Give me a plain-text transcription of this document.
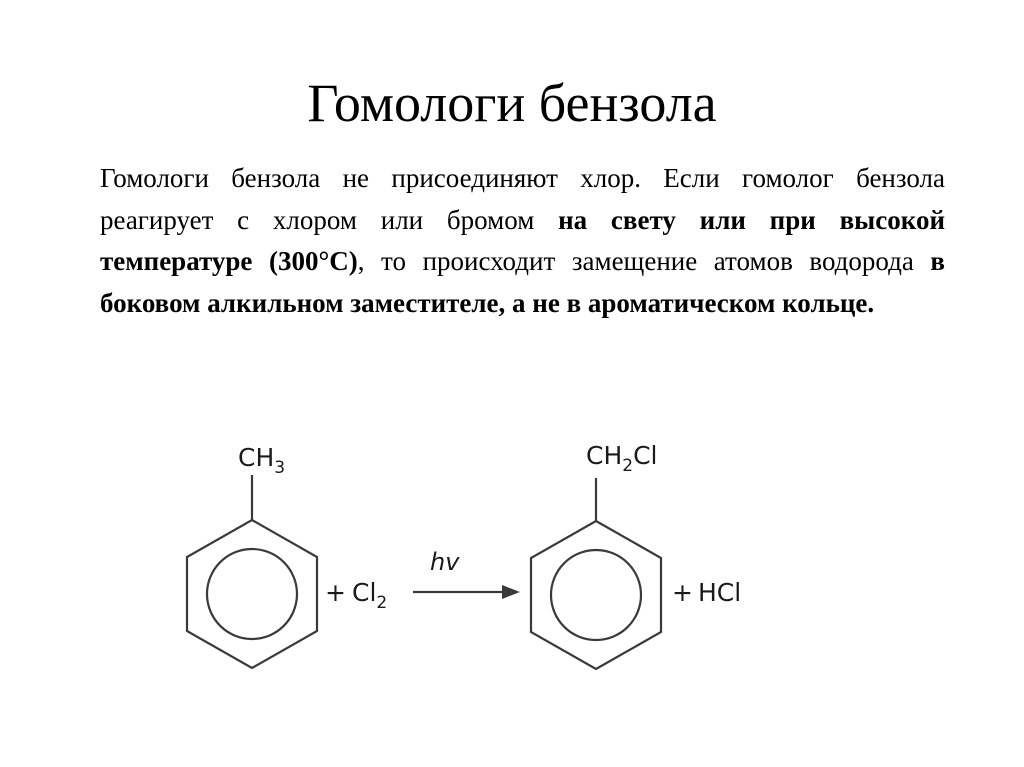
Гомологи бензола

Гомологи бензола не присоединяют хлор. Если гомолог бензола реагирует с хлором или бромом на свету или при высокой температуре (300°С), то происходит замещение атомов водорода в боковом алкильном заместителе, а не в ароматическом кольце.

$CH_3$
+ $Cl_2$
hv
$CH_2Cl$
+ HCl
